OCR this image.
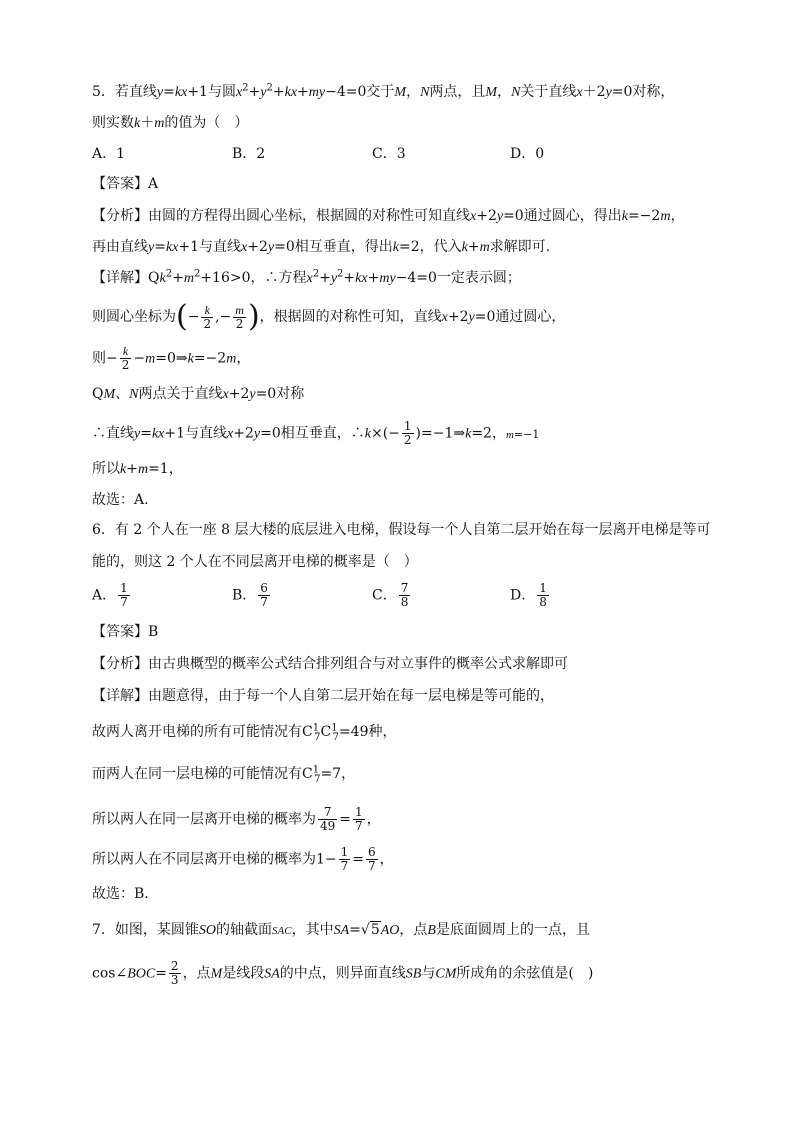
5．若直线y=kx+1与圆$x^2+y^2+kx+my-4=0$交于M，N两点，且M，N关于直线x＋2y=0对称，
则实数k＋m的值为（　）
A．1	B．2	C．3	D．0
【答案】A
【分析】由圆的方程得出圆心坐标，根据圆的对称性可知直线x+2y=0通过圆心，得出k=−2m，
再由直线y=kx+1与直线x+2y=0相互垂直，得出k=2，代入k+m求解即可.
【详解】$Qk^2+m^2+16>0$，∴方程$x^2+y^2+kx+my-4=0$一定表示圆；
则圆心坐标为(− $\frac{k}{2}$ ,− $\frac{m}{2}$ )，根据圆的对称性可知，直线x+2y=0通过圆心，
则− $\frac{k}{2}$ −m=0⇒k=−2m，
QM、N两点关于直线x+2y=0对称
∴直线y=kx+1与直线x+2y=0相互垂直，∴k×(− $\frac{1}{2}$ )=−1⇒k=2，m=−1
所以k+m=1，
故选：A.
6．有 2 个人在一座 8 层大楼的底层进入电梯，假设每一个人自第二层开始在每一层离开电梯是等可
能的，则这 2 个人在不同层离开电梯的概率是（　）
A． $\frac{1}{7}$	B． $\frac{6}{7}$	C． $\frac{7}{8}$	D． $\frac{1}{8}$
【答案】B
【分析】由古典概型的概率公式结合排列组合与对立事件的概率公式求解即可
【详解】由题意得，由于每一个人自第二层开始在每一层电梯是等可能的，
故两人离开电梯的所有可能情况有$C^1_7C^1_7=49$种，
而两人在同一层电梯的可能情况有$C^1_7=7$，
所以两人在同一层离开电梯的概率为 $\frac{7}{49} = \frac{1}{7}$ ，
所以两人在不同层离开电梯的概率为$1- \frac{1}{7} = \frac{6}{7}$ ，
故选：B.
7．如图，某圆锥SO的轴截面SAC，其中SA=√5AO，点B是底面圆周上的一点，且
cos∠BOC= $\frac{2}{3}$ ，点M是线段SA的中点，则异面直线SB与CM所成角的余弦值是(　)
